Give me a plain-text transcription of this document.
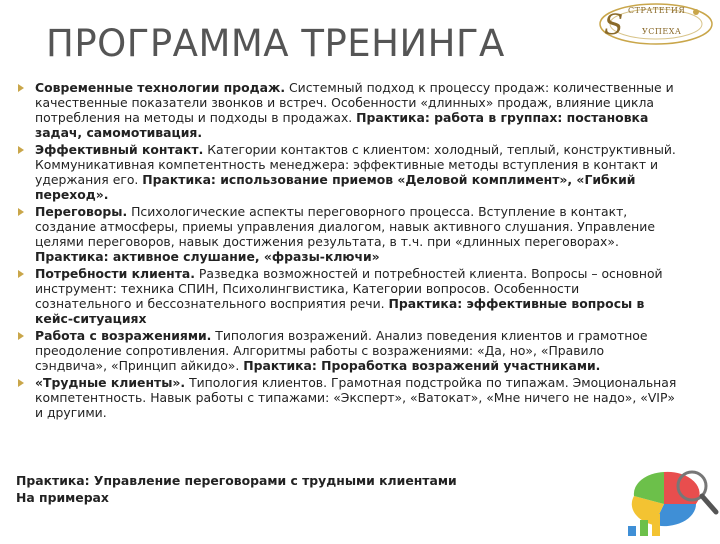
ПРОГРАММА ТРЕНИНГА	S СТРАТЕГИЯ
УСПЕХА
Современные технологии продаж. Системный подход к процессу продаж: количественные и качественные показатели звонков и встреч. Особенности «длинных» продаж, влияние цикла потребления на методы и подходы в продажах. Практика: работа в группах: постановка задач, самомотивация.
Эффективный контакт. Категории контактов с клиентом: холодный, теплый, конструктивный. Коммуникативная компетентность менеджера: эффективные методы вступления в контакт и удержания его. Практика: использование приемов «Деловой комплимент», «Гибкий переход».
Переговоры. Психологические аспекты переговорного процесса. Вступление в контакт, создание атмосферы, приемы управления диалогом, навык активного слушания. Управление целями переговоров, навык достижения результата, в т.ч. при «длинных переговорах». Практика: активное слушание, «фразы-ключи»
Потребности клиента. Разведка возможностей и потребностей клиента. Вопросы – основной инструмент: техника СПИН, Психолингвистика, Категории вопросов. Особенности сознательного и бессознательного восприятия речи. Практика: эффективные вопросы в кейс-ситуациях
Работа с возражениями. Типология возражений. Анализ поведения клиентов и грамотное преодоление сопротивления. Алгоритмы работы с возражениями: «Да, но», «Правило сэндвича», «Принцип айкидо». Практика: Проработка возражений участниками.
«Трудные клиенты». Типология клиентов. Грамотная подстройка по типажам. Эмоциональная компетентность. Навык работы с типажами: «Эксперт», «Ватокат», «Мне ничего не надо», «VIP» и другими.
Практика: Управление переговорами с трудными клиентами
На примерах
